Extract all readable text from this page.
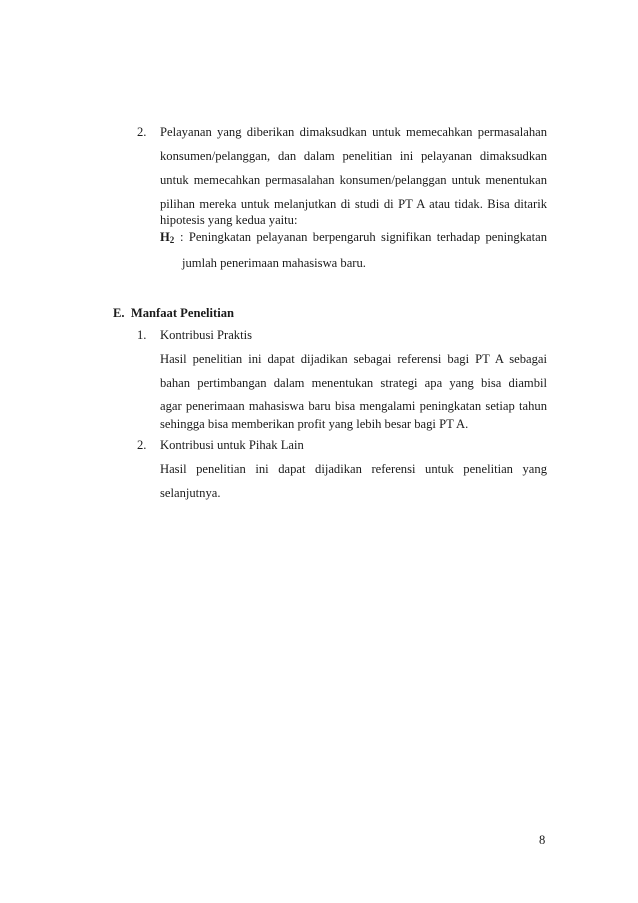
2. Pelayanan yang diberikan dimaksudkan untuk memecahkan permasalahan
konsumen/pelanggan, dan dalam penelitian ini pelayanan dimaksudkan
untuk memecahkan permasalahan konsumen/pelanggan untuk menentukan
pilihan mereka untuk melanjutkan di studi di PT A atau tidak. Bisa ditarik
hipotesis yang kedua yaitu:
$H_2$ : Peningkatan pelayanan berpengaruh signifikan terhadap peningkatan
jumlah penerimaan mahasiswa baru.
E.  Manfaat Penelitian
1. Kontribusi Praktis
Hasil penelitian ini dapat dijadikan sebagai referensi bagi PT A sebagai
bahan pertimbangan dalam menentukan strategi apa yang bisa diambil
agar penerimaan mahasiswa baru bisa mengalami peningkatan setiap tahun
sehingga bisa memberikan profit yang lebih besar bagi PT A.
2. Kontribusi untuk Pihak Lain
Hasil penelitian ini dapat dijadikan referensi untuk penelitian yang
selanjutnya.
8
